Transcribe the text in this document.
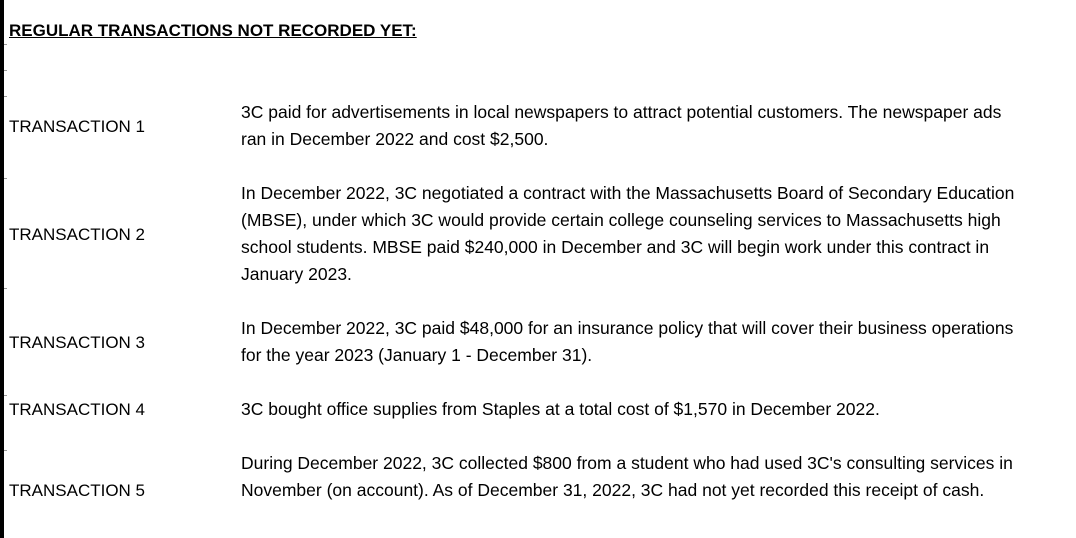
REGULAR TRANSACTIONS NOT RECORDED YET:
TRANSACTION 1
3C paid for advertisements in local newspapers to attract potential customers. The newspaper ads ran in December 2022 and cost $2,500.
TRANSACTION 2
In December 2022, 3C negotiated a contract with the Massachusetts Board of Secondary Education (MBSE), under which 3C would provide certain college counseling services to Massachusetts high school students. MBSE paid $240,000 in December and 3C will begin work under this contract in January 2023.
TRANSACTION 3
In December 2022, 3C paid $48,000 for an insurance policy that will cover their business operations for the year 2023 (January 1 - December 31).
TRANSACTION 4	3C bought office supplies from Staples at a total cost of $1,570 in December 2022.
TRANSACTION 5
During December 2022, 3C collected $800 from a student who had used 3C's consulting services in November (on account). As of December 31, 2022, 3C had not yet recorded this receipt of cash.
